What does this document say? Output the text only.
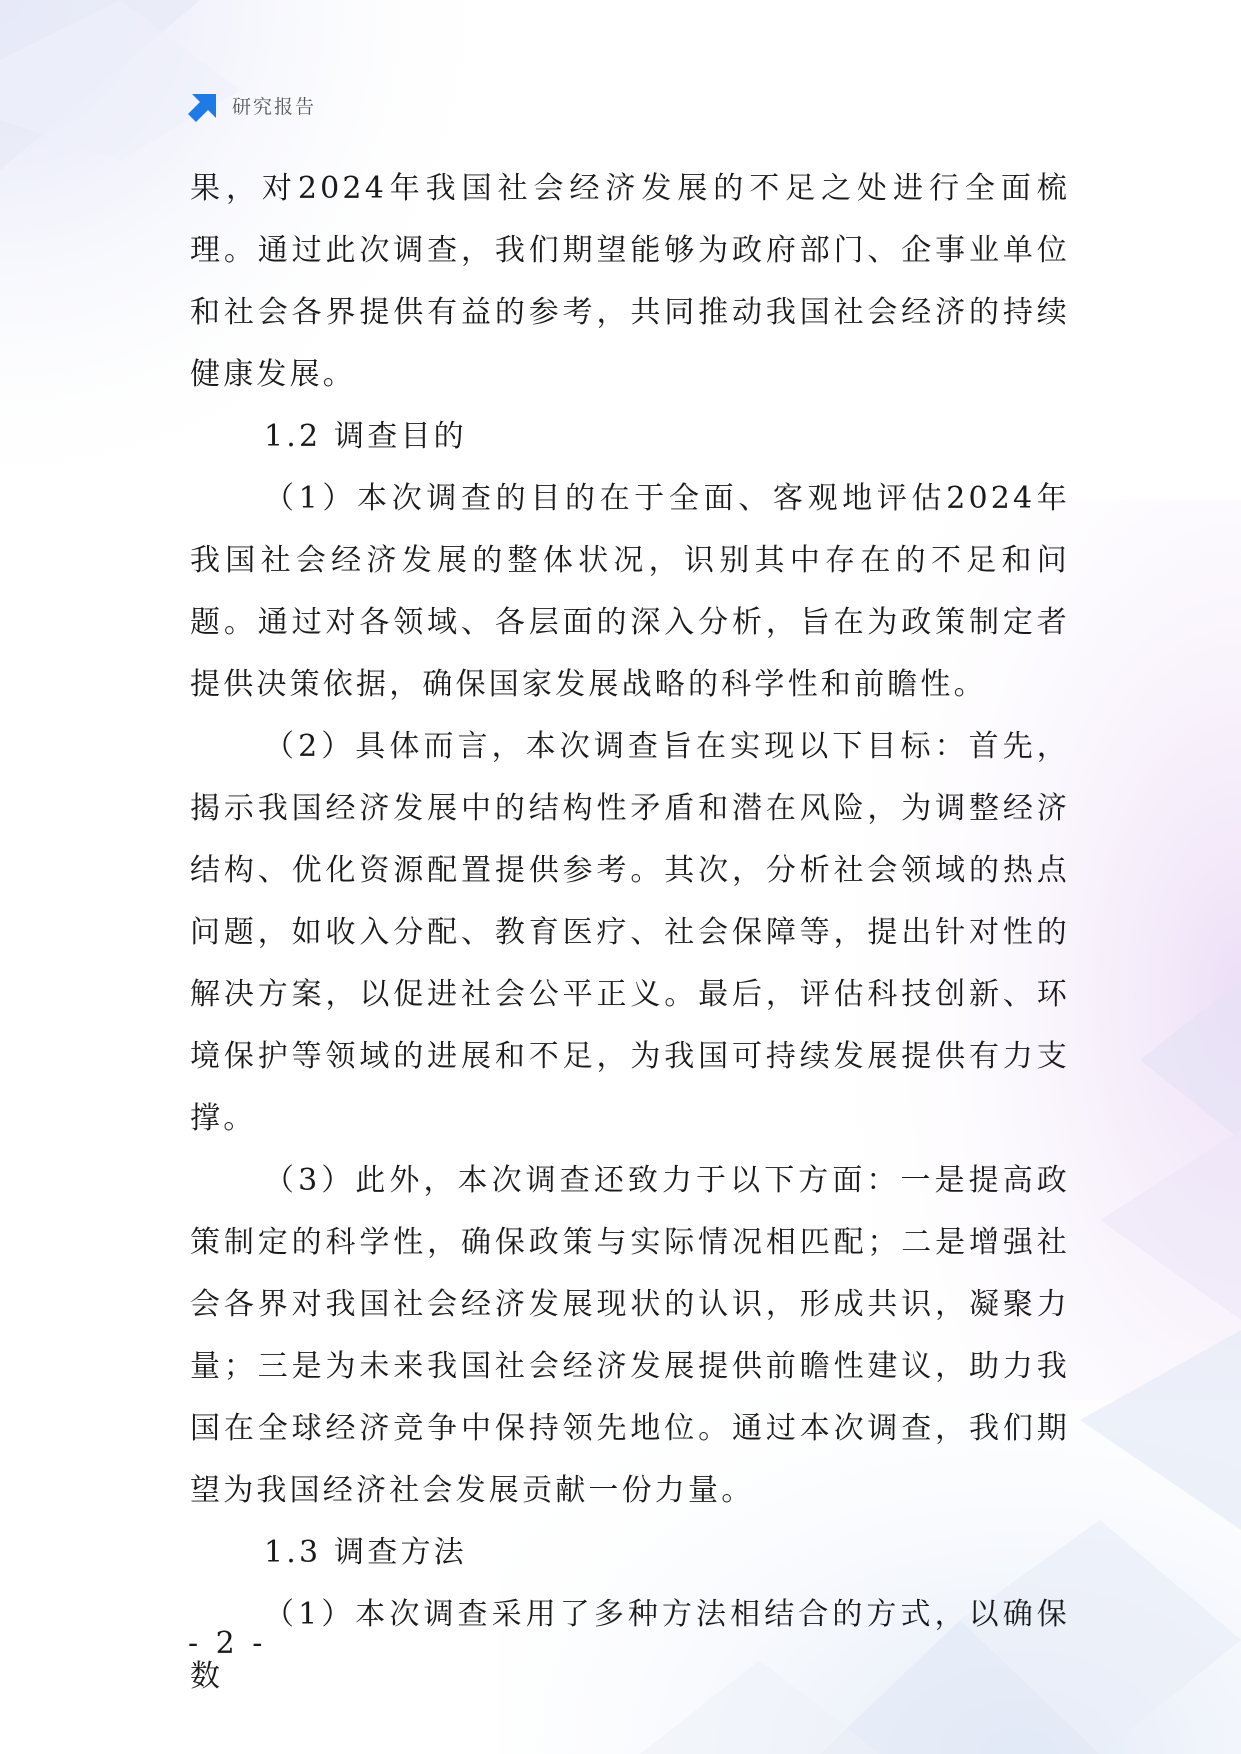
研究报告

果，对2024年我国社会经济发展的不足之处进行全面梳理。通过此次调查，我们期望能够为政府部门、企事业单位和社会各界提供有益的参考，共同推动我国社会经济的持续健康发展。

1.2 调查目的

（1）本次调查的目的在于全面、客观地评估2024年我国社会经济发展的整体状况，识别其中存在的不足和问题。通过对各领域、各层面的深入分析，旨在为政策制定者提供决策依据，确保国家发展战略的科学性和前瞻性。

（2）具体而言，本次调查旨在实现以下目标：首先，揭示我国经济发展中的结构性矛盾和潜在风险，为调整经济结构、优化资源配置提供参考。其次，分析社会领域的热点问题，如收入分配、教育医疗、社会保障等，提出针对性的解决方案，以促进社会公平正义。最后，评估科技创新、环境保护等领域的进展和不足，为我国可持续发展提供有力支撑。

（3）此外，本次调查还致力于以下方面：一是提高政策制定的科学性，确保政策与实际情况相匹配；二是增强社会各界对我国社会经济发展现状的认识，形成共识，凝聚力量；三是为未来我国社会经济发展提供前瞻性建议，助力我国在全球经济竞争中保持领先地位。通过本次调查，我们期望为我国经济社会发展贡献一份力量。

1.3 调查方法

（1）本次调查采用了多种方法相结合的方式，以确保数

- 2 -
